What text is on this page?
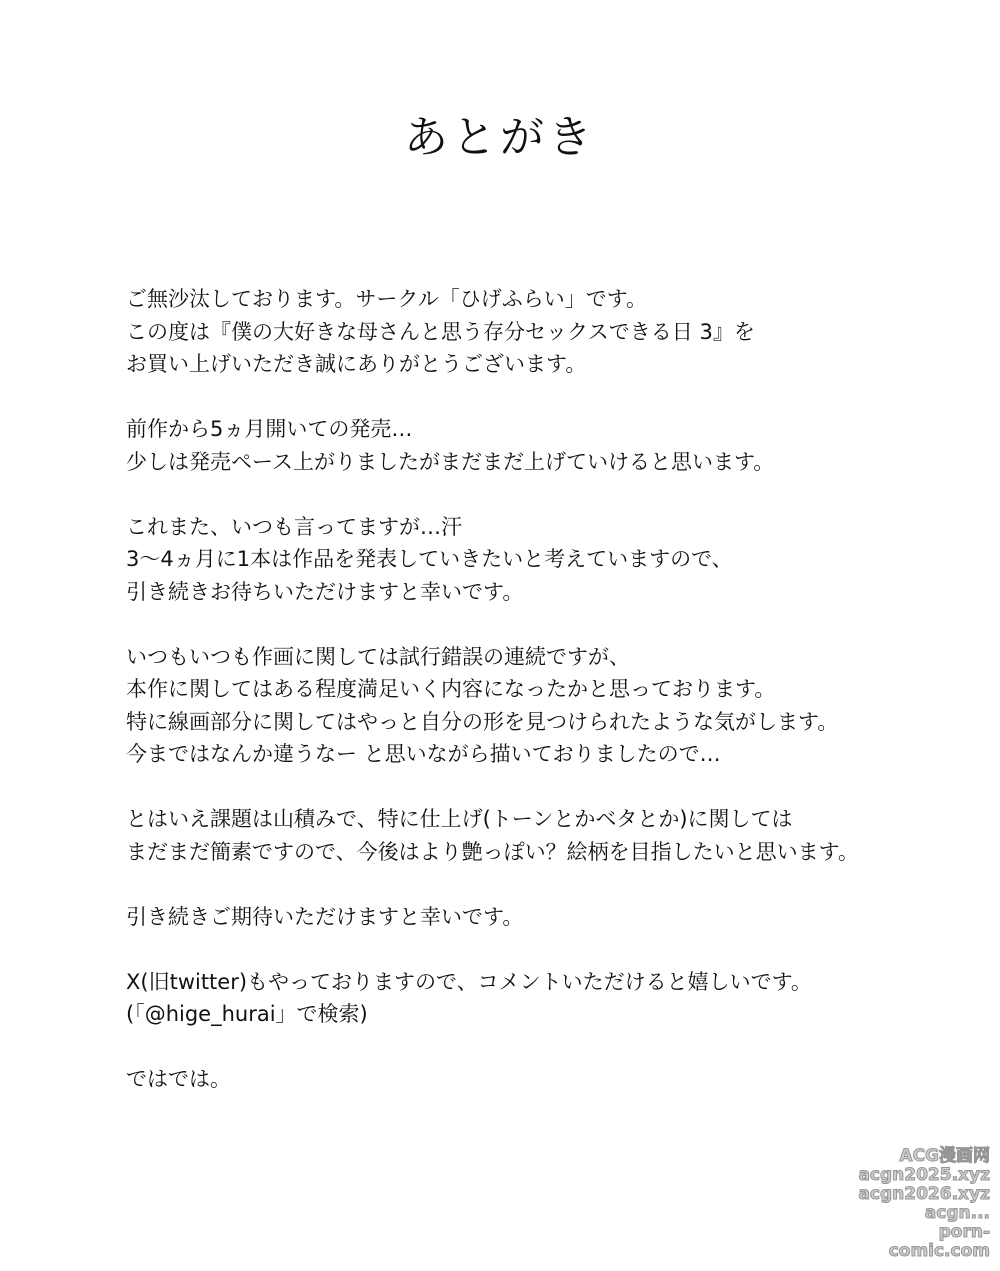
あとがき

ご無沙汰しております。サークル「ひげふらい」です。
この度は『僕の大好きな母さんと思う存分セックスできる日 3』を
お買い上げいただき誠にありがとうございます。

前作から5ヵ月開いての発売…
少しは発売ペース上がりましたがまだまだ上げていけると思います。

これまた、いつも言ってますが…汗
3～4ヵ月に1本は作品を発表していきたいと考えていますので、
引き続きお待ちいただけますと幸いです。

いつもいつも作画に関しては試行錯誤の連続ですが、
本作に関してはある程度満足いく内容になったかと思っております。
特に線画部分に関してはやっと自分の形を見つけられたような気がします。
今まではなんか違うなー と思いながら描いておりましたので…

とはいえ課題は山積みで、特に仕上げ(トーンとかベタとか)に関しては
まだまだ簡素ですので、今後はより艶っぽい？絵柄を目指したいと思います。

引き続きご期待いただけますと幸いです。

X(旧twitter)もやっておりますので、コメントいただけると嬉しいです。
(「@hige_hurai」で検索)

ではでは。

ACG漫画网
acgn2025.xyz
acgn2026.xyz
acgn...
porn-comic.com
